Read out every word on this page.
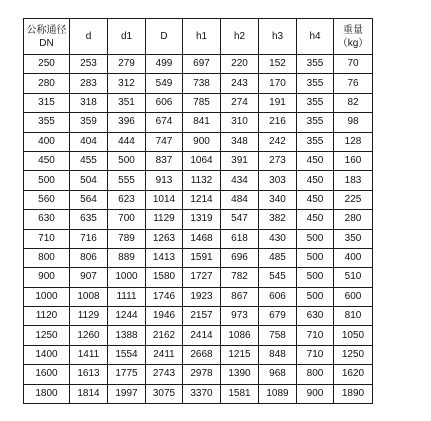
公称通径
DN	d	d1	D	h1	h2	h3	h4	重量
（kg）
250	253	279	499	697	220	152	355	70
280	283	312	549	738	243	170	355	76
315	318	351	606	785	274	191	355	82
355	359	396	674	841	310	216	355	98
400	404	444	747	900	348	242	355	128
450	455	500	837	1064	391	273	450	160
500	504	555	913	1132	434	303	450	183
560	564	623	1014	1214	484	340	450	225
630	635	700	1129	1319	547	382	450	280
710	716	789	1263	1468	618	430	500	350
800	806	889	1413	1591	696	485	500	400
900	907	1000	1580	1727	782	545	500	510
1000	1008	1111	1746	1923	867	606	500	600
1120	1129	1244	1946	2157	973	679	630	810
1250	1260	1388	2162	2414	1086	758	710	1050
1400	1411	1554	2411	2668	1215	848	710	1250
1600	1613	1775	2743	2978	1390	968	800	1620
1800	1814	1997	3075	3370	1581	1089	900	1890
